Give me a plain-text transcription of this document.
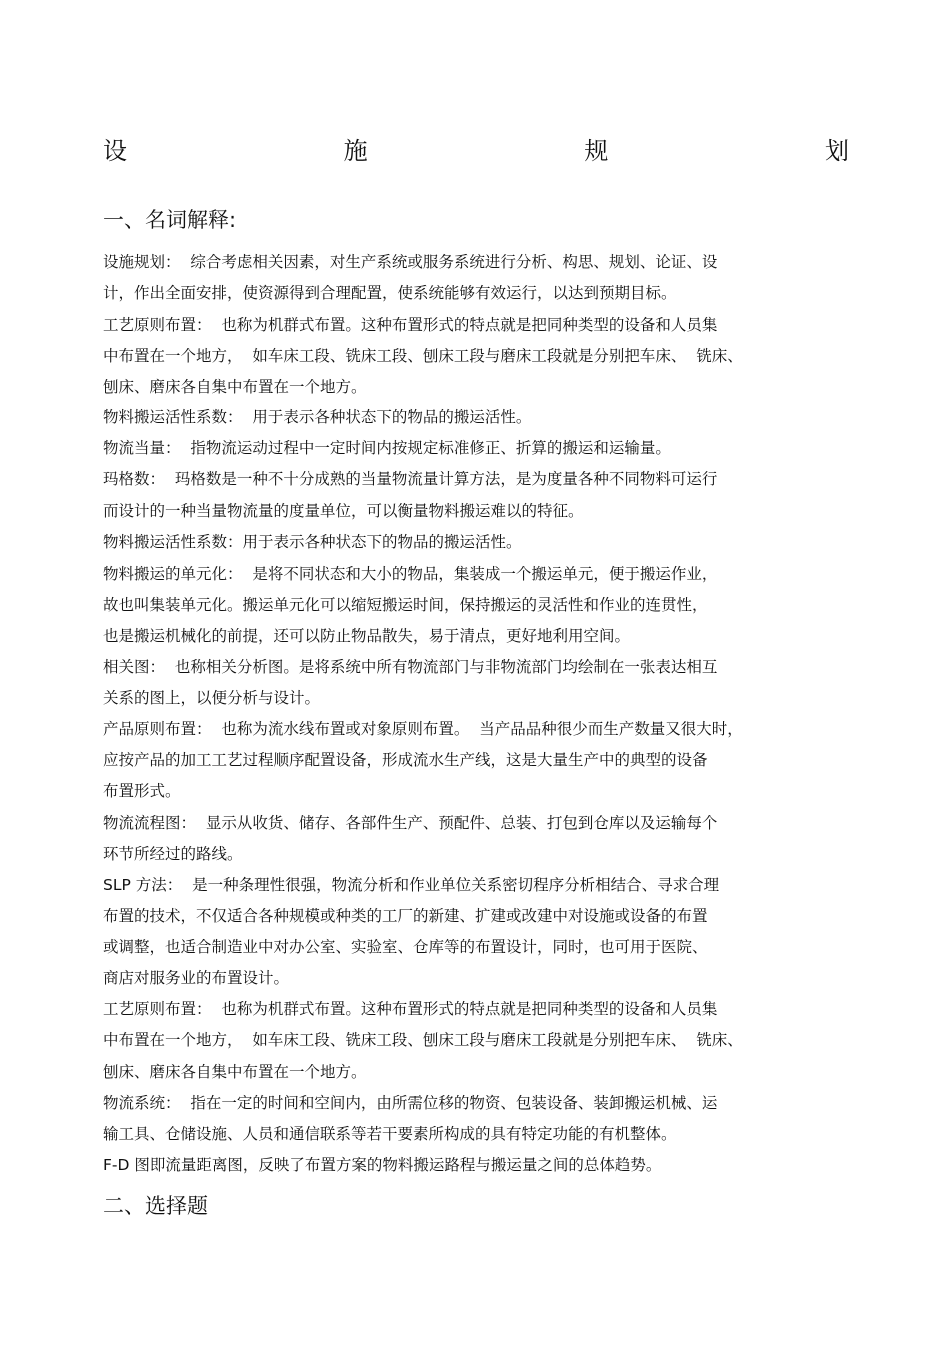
设	施	规	划
一、名词解释:
设施规划：  综合考虑相关因素，对生产系统或服务系统进行分析、构思、规划、论证、设
计，作出全面安排，使资源得到合理配置，使系统能够有效运行，以达到预期目标。
工艺原则布置：  也称为机群式布置。这种布置形式的特点就是把同种类型的设备和人员集
中布置在一个地方，  如车床工段、铣床工段、刨床工段与磨床工段就是分别把车床、  铣床、
刨床、磨床各自集中布置在一个地方。
物料搬运活性系数：  用于表示各种状态下的物品的搬运活性。
物流当量：  指物流运动过程中一定时间内按规定标准修正、折算的搬运和运输量。
玛格数：  玛格数是一种不十分成熟的当量物流量计算方法，是为度量各种不同物料可运行
而设计的一种当量物流量的度量单位，可以衡量物料搬运难以的特征。
物料搬运活性系数：用于表示各种状态下的物品的搬运活性。
物料搬运的单元化：  是将不同状态和大小的物品，集装成一个搬运单元，便于搬运作业，
故也叫集装单元化。搬运单元化可以缩短搬运时间，保持搬运的灵活性和作业的连贯性，
也是搬运机械化的前提，还可以防止物品散失，易于清点，更好地利用空间。
相关图：  也称相关分析图。是将系统中所有物流部门与非物流部门均绘制在一张表达相互
关系的图上，以便分析与设计。
产品原则布置：  也称为流水线布置或对象原则布置。  当产品品种很少而生产数量又很大时，
应按产品的加工工艺过程顺序配置设备，形成流水生产线，这是大量生产中的典型的设备
布置形式。
物流流程图：  显示从收货、储存、各部件生产、预配件、总装、打包到仓库以及运输每个
环节所经过的路线。
SLP 方法：  是一种条理性很强，物流分析和作业单位关系密切程序分析相结合、寻求合理
布置的技术，不仅适合各种规模或种类的工厂的新建、扩建或改建中对设施或设备的布置
或调整，也适合制造业中对办公室、实验室、仓库等的布置设计，同时，也可用于医院、
商店对服务业的布置设计。
工艺原则布置：  也称为机群式布置。这种布置形式的特点就是把同种类型的设备和人员集
中布置在一个地方，  如车床工段、铣床工段、刨床工段与磨床工段就是分别把车床、  铣床、
刨床、磨床各自集中布置在一个地方。
物流系统：  指在一定的时间和空间内，由所需位移的物资、包装设备、装卸搬运机械、运
输工具、仓储设施、人员和通信联系等若干要素所构成的具有特定功能的有机整体。
F-D 图即流量距离图，反映了布置方案的物料搬运路程与搬运量之间的总体趋势。
二、选择题
